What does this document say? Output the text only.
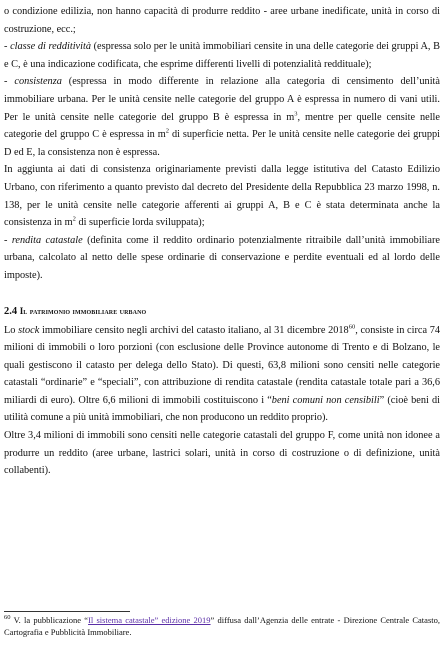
o condizione edilizia, non hanno capacità di produrre reddito - aree urbane inedificate, unità in corso di costruzione, ecc.;

- classe di redditività (espressa solo per le unità immobiliari censite in una delle categorie dei gruppi A, B e C, è una indicazione codificata, che esprime differenti livelli di potenzialità reddituale);

- consistenza (espressa in modo differente in relazione alla categoria di censimento dell’unità immobiliare urbana. Per le unità censite nelle categorie del gruppo A è espressa in numero di vani utili. Per le unità censite nelle categorie del gruppo B è espressa in $m^3$, mentre per quelle censite nelle categorie del gruppo C è espressa in $m^2$ di superficie netta. Per le unità censite nelle categorie dei gruppi D ed E, la consistenza non è espressa.

In aggiunta ai dati di consistenza originariamente previsti dalla legge istitutiva del Catasto Edilizio Urbano, con riferimento a quanto previsto dal decreto del Presidente della Repubblica 23 marzo 1998, n. 138, per le unità censite nelle categorie afferenti ai gruppi A, B e C è stata determinata anche la consistenza in $m^2$ di superficie lorda sviluppata);

- rendita catastale (definita come il reddito ordinario potenzialmente ritraibile dall’unità immobiliare urbana, calcolato al netto delle spese ordinarie di conservazione e perdite eventuali ed al lordo delle imposte).

2.4 Il patrimonio immobiliare urbano

Lo stock immobiliare censito negli archivi del catasto italiano, al 31 dicembre 2018$^{60}$, consiste in circa 74 milioni di immobili o loro porzioni (con esclusione delle Province autonome di Trento e di Bolzano, le quali gestiscono il catasto per delega dello Stato). Di questi, 63,8 milioni sono censiti nelle categorie catastali “ordinarie” e “speciali”, con attribuzione di rendita catastale (rendita catastale totale pari a 36,6 miliardi di euro). Oltre 6,6 milioni di immobili costituiscono i “beni comuni non censibili” (cioè beni di utilità comune a più unità immobiliari, che non producono un reddito proprio).

Oltre 3,4 milioni di immobili sono censiti nelle categorie catastali del gruppo F, come unità non idonee a produrre un reddito (aree urbane, lastrici solari, unità in corso di costruzione o di definizione, unità collabenti).

$^{60}$ V. la pubblicazione “Il sistema catastale” edizione 2019” diffusa dall’Agenzia delle entrate - Direzione Centrale Catasto, Cartografia e Pubblicità Immobiliare.
